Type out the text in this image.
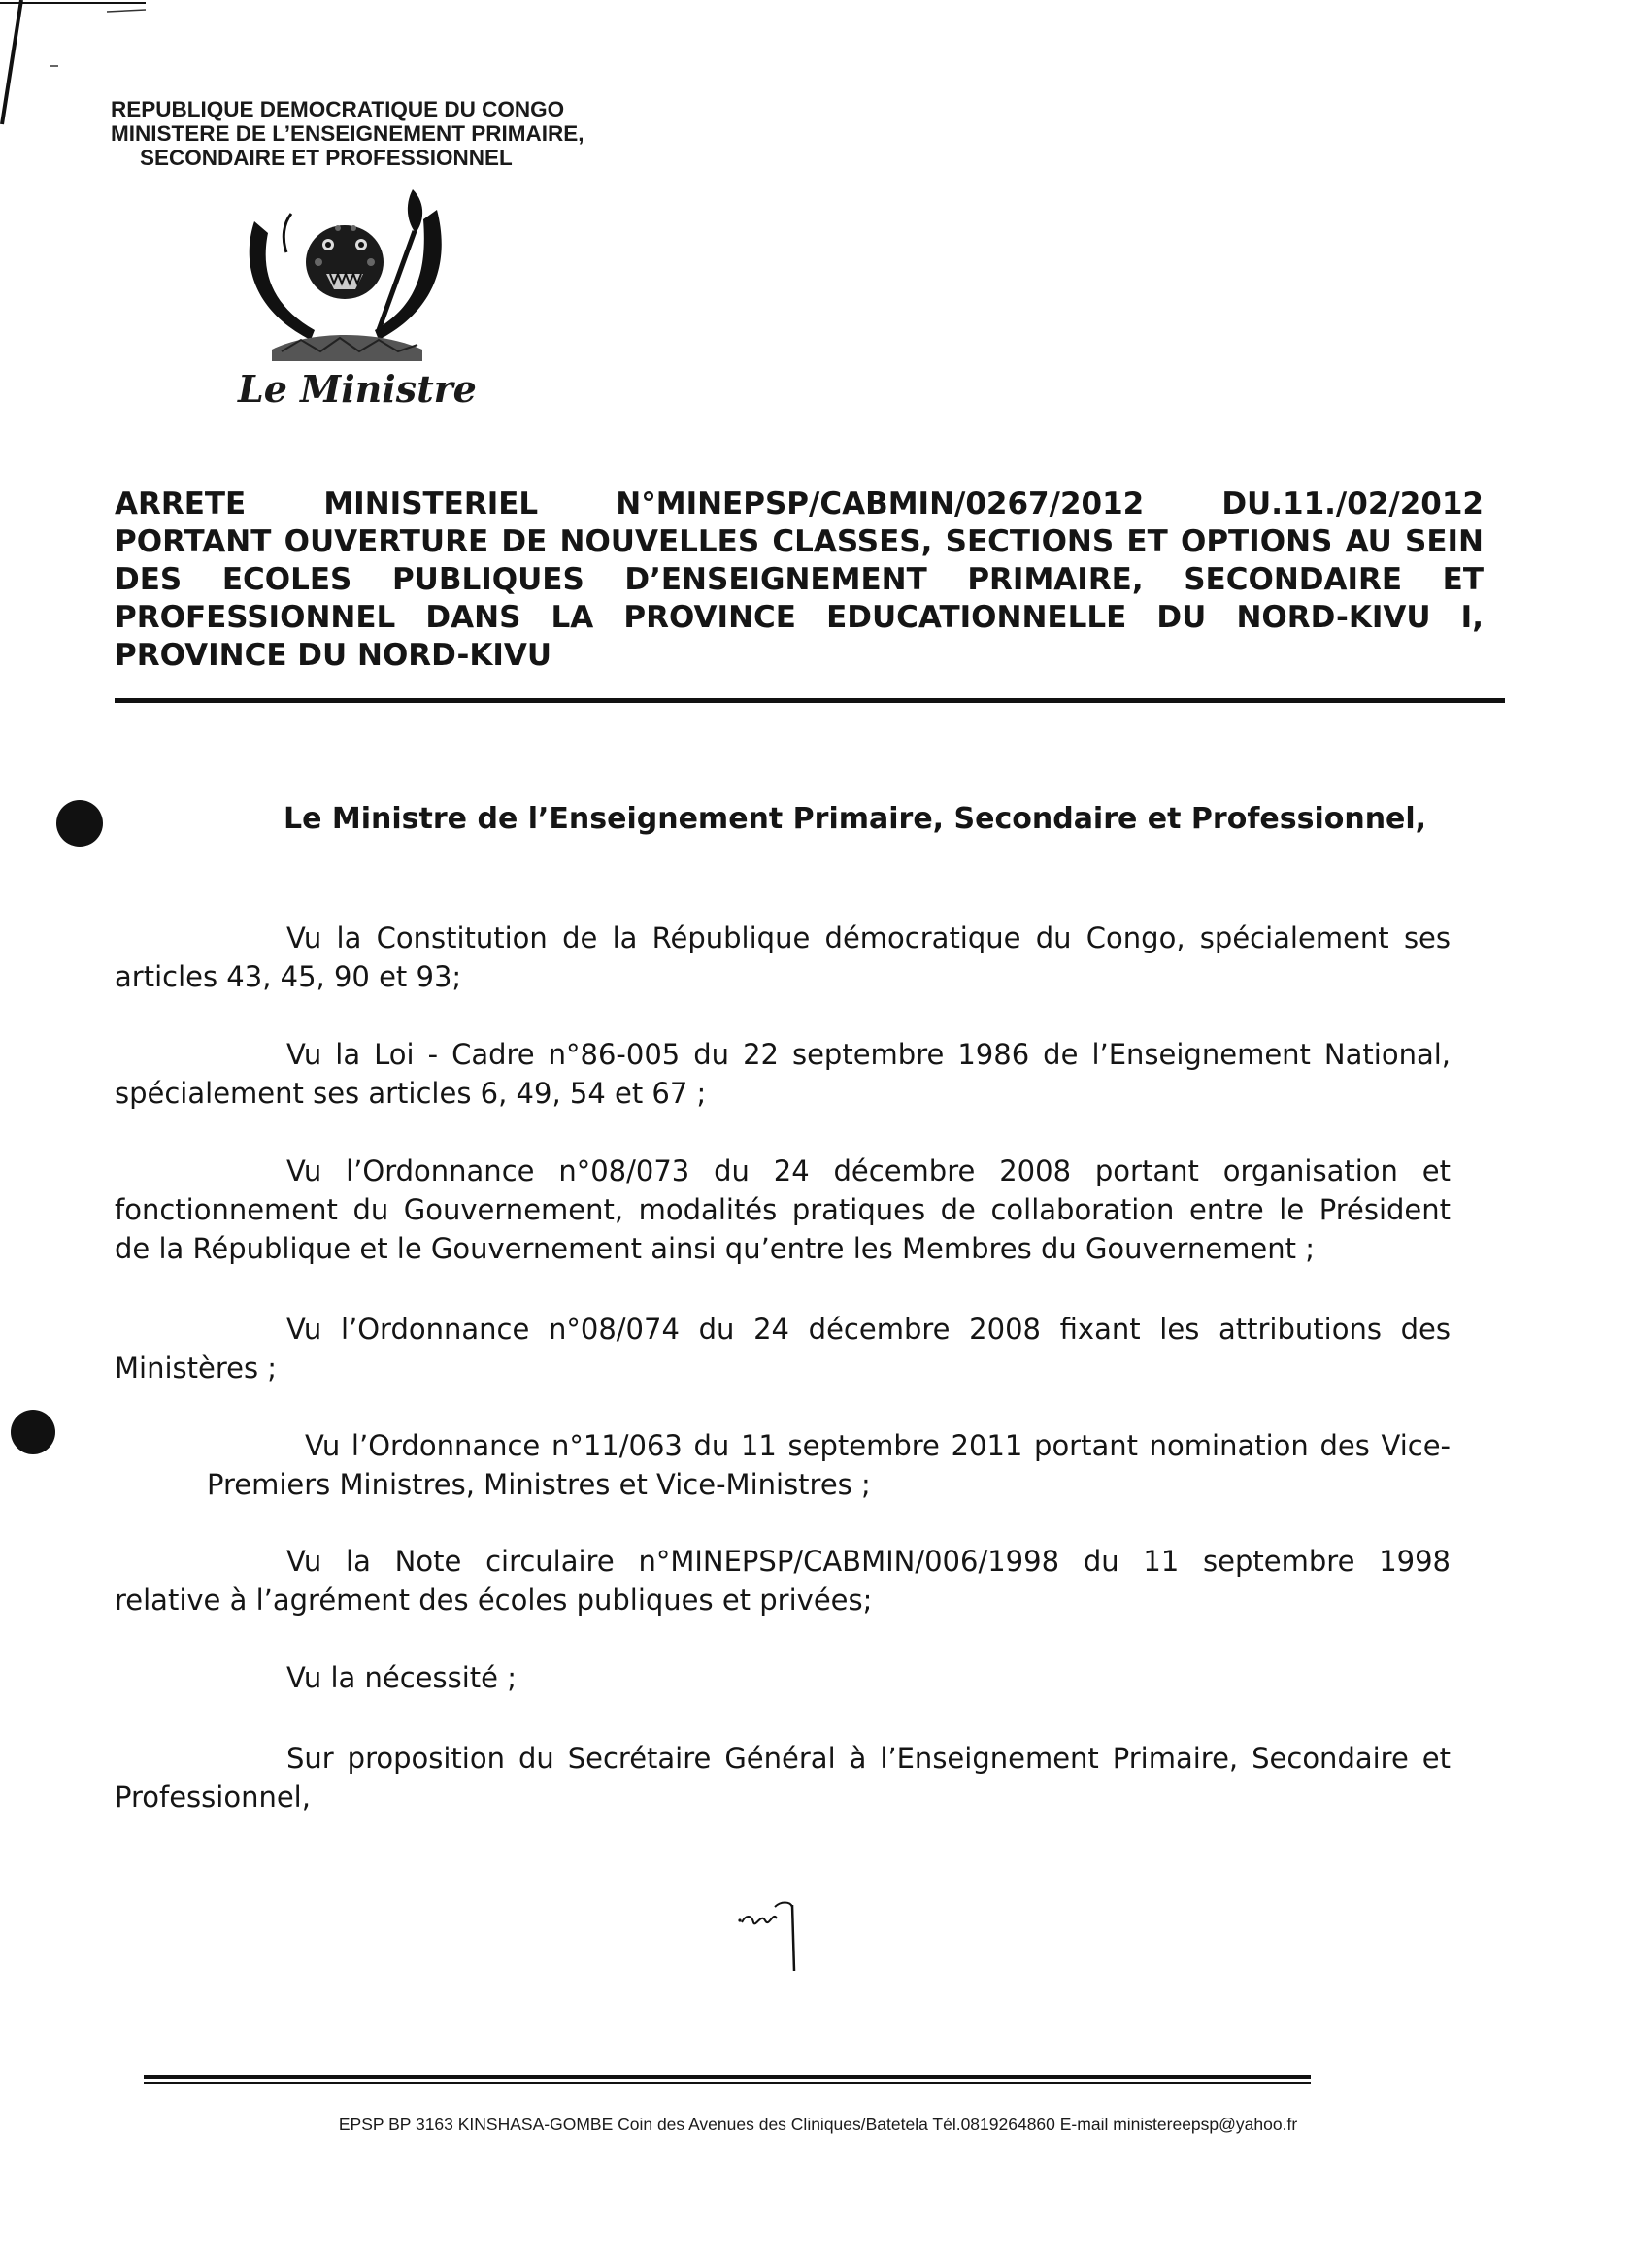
REPUBLIQUE DEMOCRATIQUE DU CONGO
MINISTERE DE L’ENSEIGNEMENT PRIMAIRE,
SECONDAIRE ET PROFESSIONNEL
Le Ministre
ARRETE MINISTERIEL N°MINEPSP/CABMIN/0267/2012 DU.11./02/2012
PORTANT OUVERTURE DE NOUVELLES CLASSES, SECTIONS ET OPTIONS AU SEIN
DES ECOLES PUBLIQUES D’ENSEIGNEMENT PRIMAIRE, SECONDAIRE ET
PROFESSIONNEL DANS LA PROVINCE EDUCATIONNELLE DU NORD-KIVU I,
PROVINCE DU NORD-KIVU
Le Ministre de l’Enseignement Primaire, Secondaire et Professionnel,
Vu la Constitution de la République démocratique du Congo, spécialement ses
articles 43, 45, 90 et 93;
Vu la Loi - Cadre n°86-005 du 22 septembre 1986 de l’Enseignement National,
spécialement ses articles 6, 49, 54 et 67 ;
Vu l’Ordonnance n°08/073 du 24 décembre 2008 portant organisation et
fonctionnement du Gouvernement, modalités pratiques de collaboration entre le Président
de la République et le Gouvernement ainsi qu’entre les Membres du Gouvernement ;
Vu l’Ordonnance n°08/074 du 24 décembre 2008 fixant les attributions des
Ministères ;
Vu l’Ordonnance n°11/063 du 11 septembre 2011 portant nomination des Vice-
Premiers Ministres, Ministres et Vice-Ministres ;
Vu la Note circulaire n°MINEPSP/CABMIN/006/1998 du 11 septembre 1998
relative à l’agrément des écoles publiques et privées;
Vu la nécessité ;
Sur proposition du Secrétaire Général à l’Enseignement Primaire, Secondaire et
Professionnel,
EPSP BP 3163 KINSHASA-GOMBE Coin des Avenues des Cliniques/Batetela Tél.0819264860 E-mail ministereepsp@yahoo.fr
